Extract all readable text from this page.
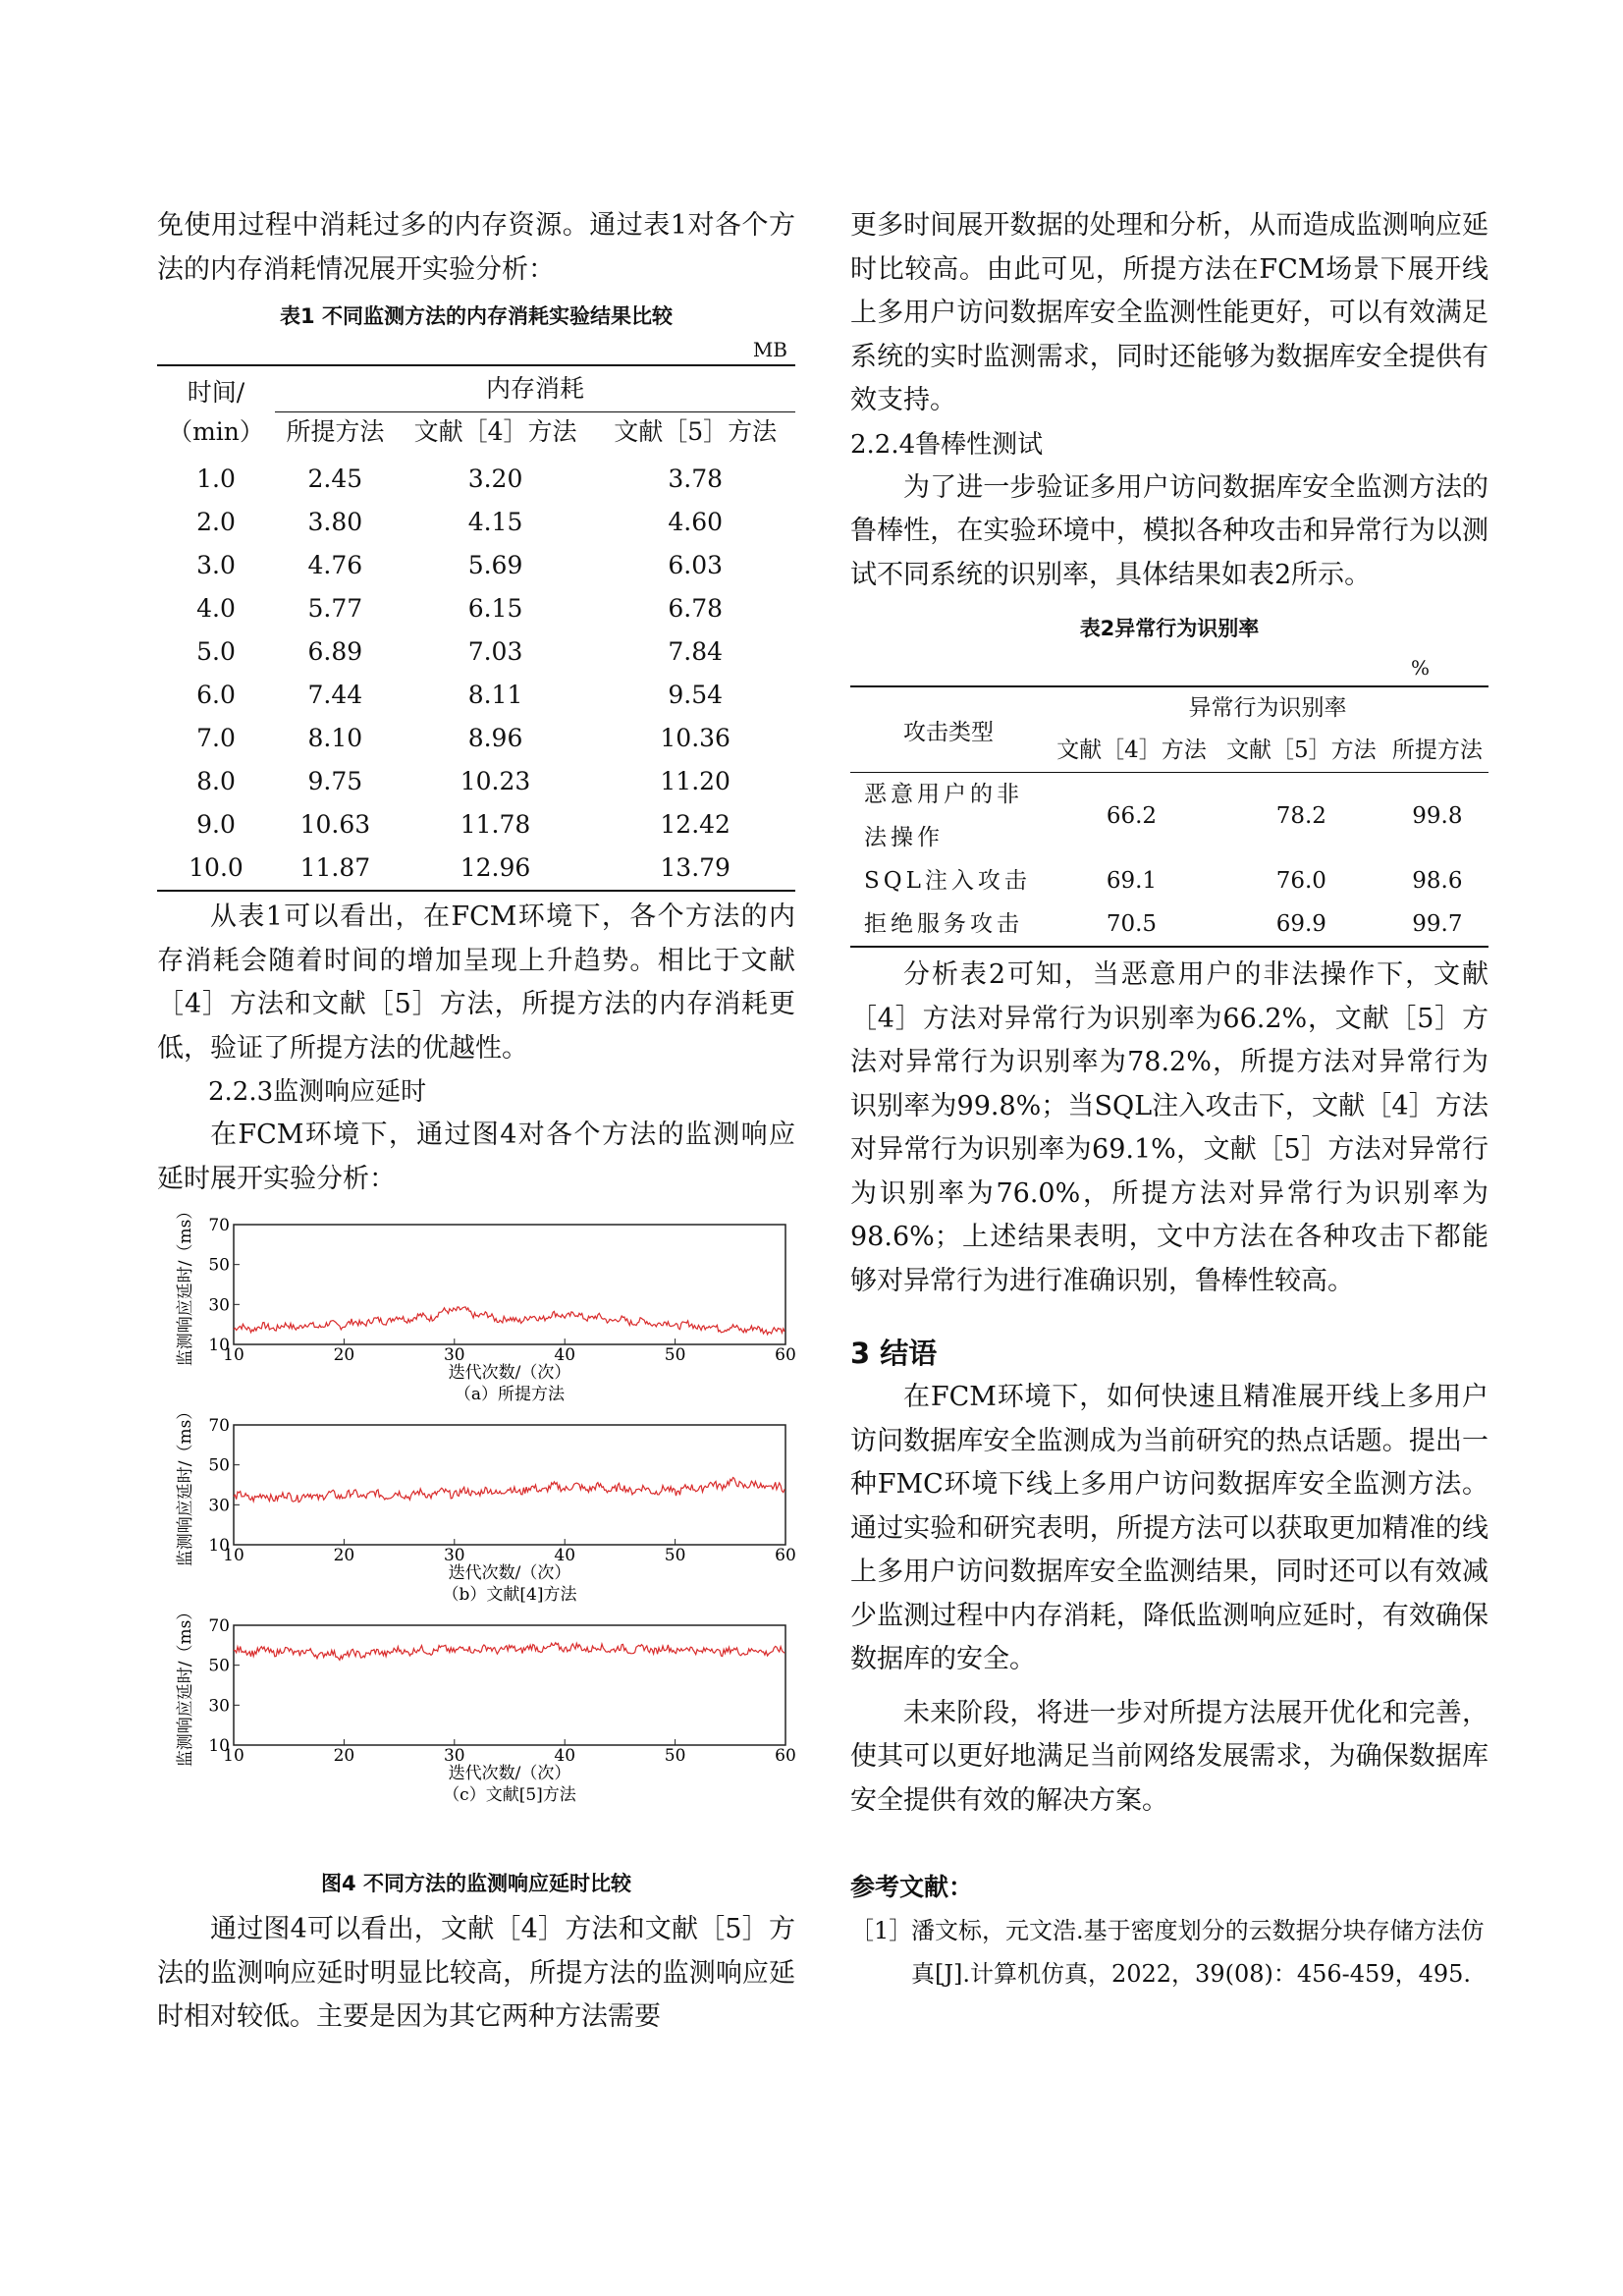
免使用过程中消耗过多的内存资源。通过表1对各个方法的内存消耗情况展开实验分析：

表1 不同监测方法的内存消耗实验结果比较

MB

时间/
（min）	内存消耗		
	所提方法	文献［4］方法	文献［5］方法
1.0	2.45	3.20	3.78
2.0	3.80	4.15	4.60
3.0	4.76	5.69	6.03
4.0	5.77	6.15	6.78
5.0	6.89	7.03	7.84
6.0	7.44	8.11	9.54
7.0	8.10	8.96	10.36
8.0	9.75	10.23	11.20
9.0	10.63	11.78	12.42
10.0	11.87	12.96	13.79

从表1可以看出，在FCM环境下，各个方法的内存消耗会随着时间的增加呈现上升趋势。相比于文献［4］方法和文献［5］方法，所提方法的内存消耗更低，验证了所提方法的优越性。

2.2.3监测响应延时

在FCM环境下，通过图4对各个方法的监测响应延时展开实验分析：

10
30
50
70
10	20	30	40	50	60
监测响应延时/（ms）
迭代次数/（次）
（a）所提方法
10
30
50
70
10	20	30	40	50	60
监测响应延时/（ms）
迭代次数/（次）
（b）文献[4]方法
10
30
50
70
10	20	30	40	50	60
监测响应延时/（ms）
迭代次数/（次）
（c）文献[5]方法

图4 不同方法的监测响应延时比较

通过图4可以看出，文献［4］方法和文献［5］方法的监测响应延时明显比较高，所提方法的监测响应延时相对较低。主要是因为其它两种方法需要

更多时间展开数据的处理和分析，从而造成监测响应延时比较高。由此可见，所提方法在FCM场景下展开线上多用户访问数据库安全监测性能更好，可以有效满足系统的实时监测需求，同时还能够为数据库安全提供有效支持。

2.2.4鲁棒性测试

为了进一步验证多用户访问数据库安全监测方法的鲁棒性，在实验环境中，模拟各种攻击和异常行为以测试不同系统的识别率，具体结果如表2所示。

表2异常行为识别率

%

攻击类型	异常行为识别率		
	文献［4］方法	文献［5］方法	所提方法
恶意用户的非法操作	66.2	78.2	99.8
SQL注入攻击	69.1	76.0	98.6
拒绝服务攻击	70.5	69.9	99.7

分析表2可知，当恶意用户的非法操作下，文献［4］方法对异常行为识别率为66.2%，文献［5］方法对异常行为识别率为78.2%，所提方法对异常行为识别率为99.8%；当SQL注入攻击下，文献［4］方法对异常行为识别率为69.1%，文献［5］方法对异常行为识别率为76.0%，所提方法对异常行为识别率为98.6%；上述结果表明，文中方法在各种攻击下都能够对异常行为进行准确识别，鲁棒性较高。

3 结语

在FCM环境下，如何快速且精准展开线上多用户访问数据库安全监测成为当前研究的热点话题。提出一种FMC环境下线上多用户访问数据库安全监测方法。通过实验和研究表明，所提方法可以获取更加精准的线上多用户访问数据库安全监测结果，同时还可以有效减少监测过程中内存消耗，降低监测响应延时，有效确保数据库的安全。

未来阶段，将进一步对所提方法展开优化和完善，使其可以更好地满足当前网络发展需求，为确保数据库安全提供有效的解决方案。

参考文献：

［1］
潘文标，元文浩.基于密度划分的云数据分块存储方法仿真[J].计算机仿真，2022，39(08)：456-459，495.
